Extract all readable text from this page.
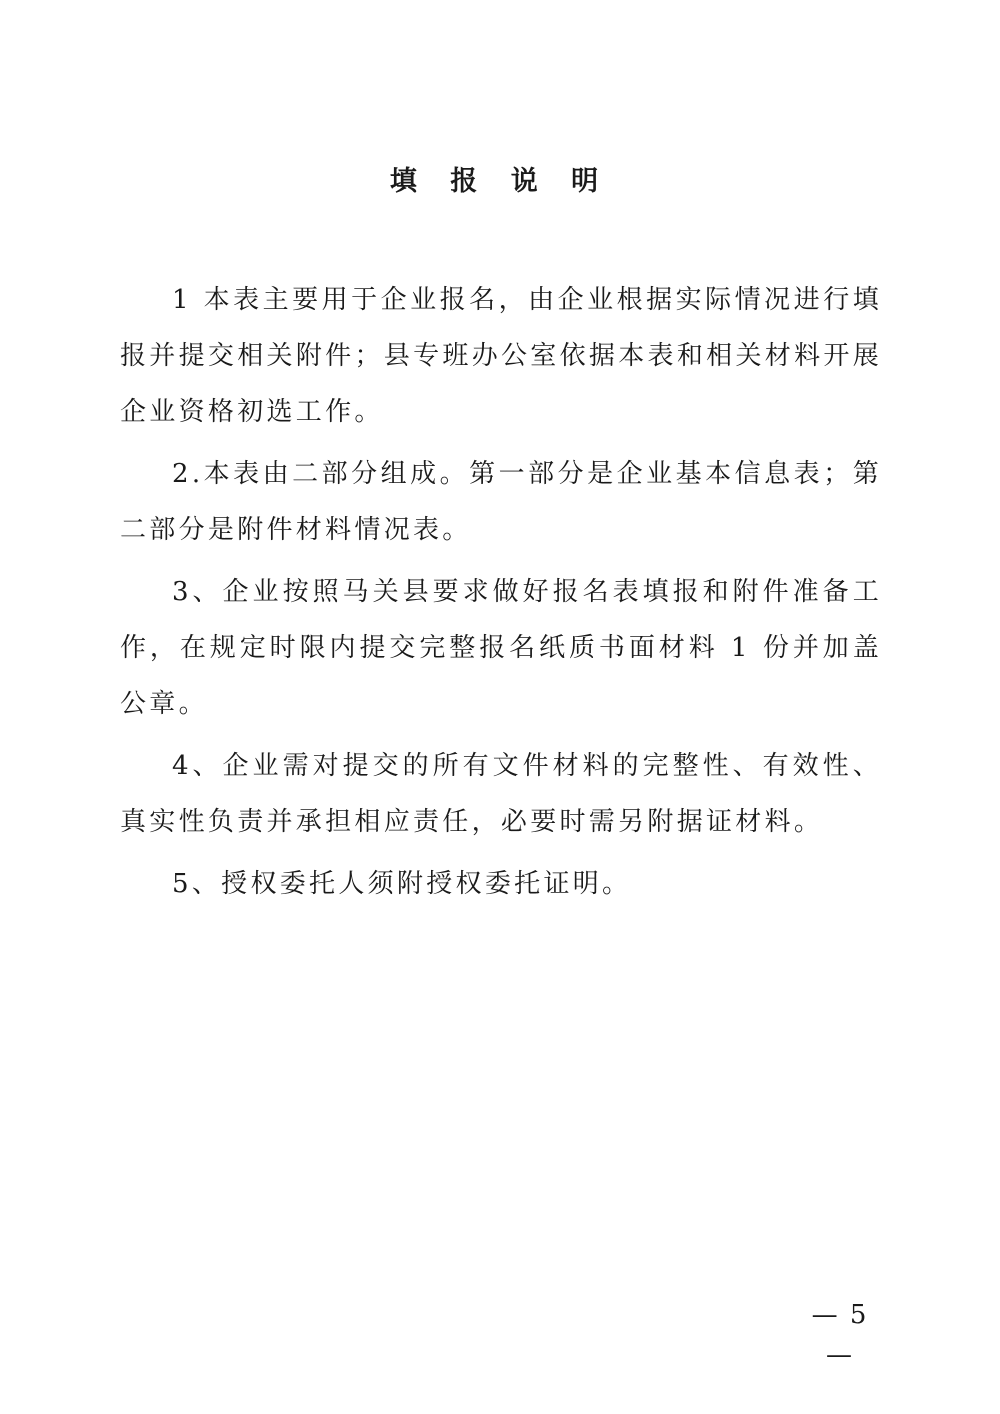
填 报 说 明

1 本表主要用于企业报名，由企业根据实际情况进行填报并提交相关附件；县专班办公室依据本表和相关材料开展企业资格初选工作。

2.本表由二部分组成。第一部分是企业基本信息表；第二部分是附件材料情况表。

3、企业按照马关县要求做好报名表填报和附件准备工作，在规定时限内提交完整报名纸质书面材料 1 份并加盖公章。

4、企业需对提交的所有文件材料的完整性、有效性、真实性负责并承担相应责任，必要时需另附据证材料。

5、授权委托人须附授权委托证明。

— 5 —
